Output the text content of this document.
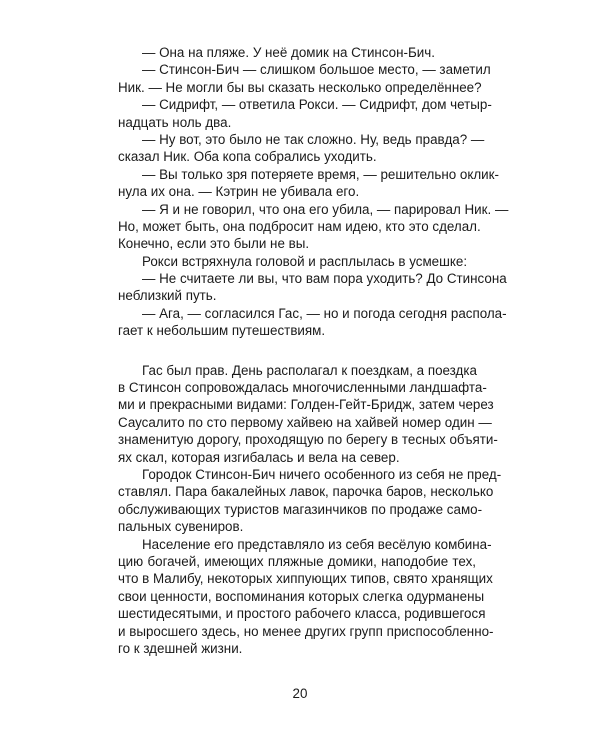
— Она на пляже. У неё домик на Стинсон-Бич.

— Стинсон-Бич — слишком большое место, — заметил
Ник. — Не могли бы вы сказать несколько определённее?

— Сидрифт, — ответила Рокси. — Сидрифт, дом четыр-
надцать ноль два.

— Ну вот, это было не так сложно. Ну, ведь правда? —
сказал Ник. Оба копа собрались уходить.

— Вы только зря потеряете время, — решительно оклик-
нула их она. — Кэтрин не убивала его.

— Я и не говорил, что она его убила, — парировал Ник. —
Но, может быть, она подбросит нам идею, кто это сделал.
Конечно, если это были не вы.

Рокси встряхнула головой и расплылась в усмешке:

— Не считаете ли вы, что вам пора уходить? До Стинсона
неблизкий путь.

— Ага, — согласился Гас, — но и погода сегодня распола-
гает к небольшим путешествиям.

Гас был прав. День располагал к поездкам, а поездка
в Стинсон сопровождалась многочисленными ландшафта-
ми и прекрасными видами: Голден-Гейт-Бридж, затем через
Саусалито по сто первому хайвею на хайвей номер один —
знаменитую дорогу, проходящую по берегу в тесных объяти-
ях скал, которая изгибалась и вела на север.

Городок Стинсон-Бич ничего особенного из себя не пред-
ставлял. Пара бакалейных лавок, парочка баров, несколько
обслуживающих туристов магазинчиков по продаже само-
пальных сувениров.

Население его представляло из себя весёлую комбина-
цию богачей, имеющих пляжные домики, наподобие тех,
что в Малибу, некоторых хиппующих типов, свято хранящих
свои ценности, воспоминания которых слегка одурманены
шестидесятыми, и простого рабочего класса, родившегося
и выросшего здесь, но менее других групп приспособленно-
го к здешней жизни.

20
